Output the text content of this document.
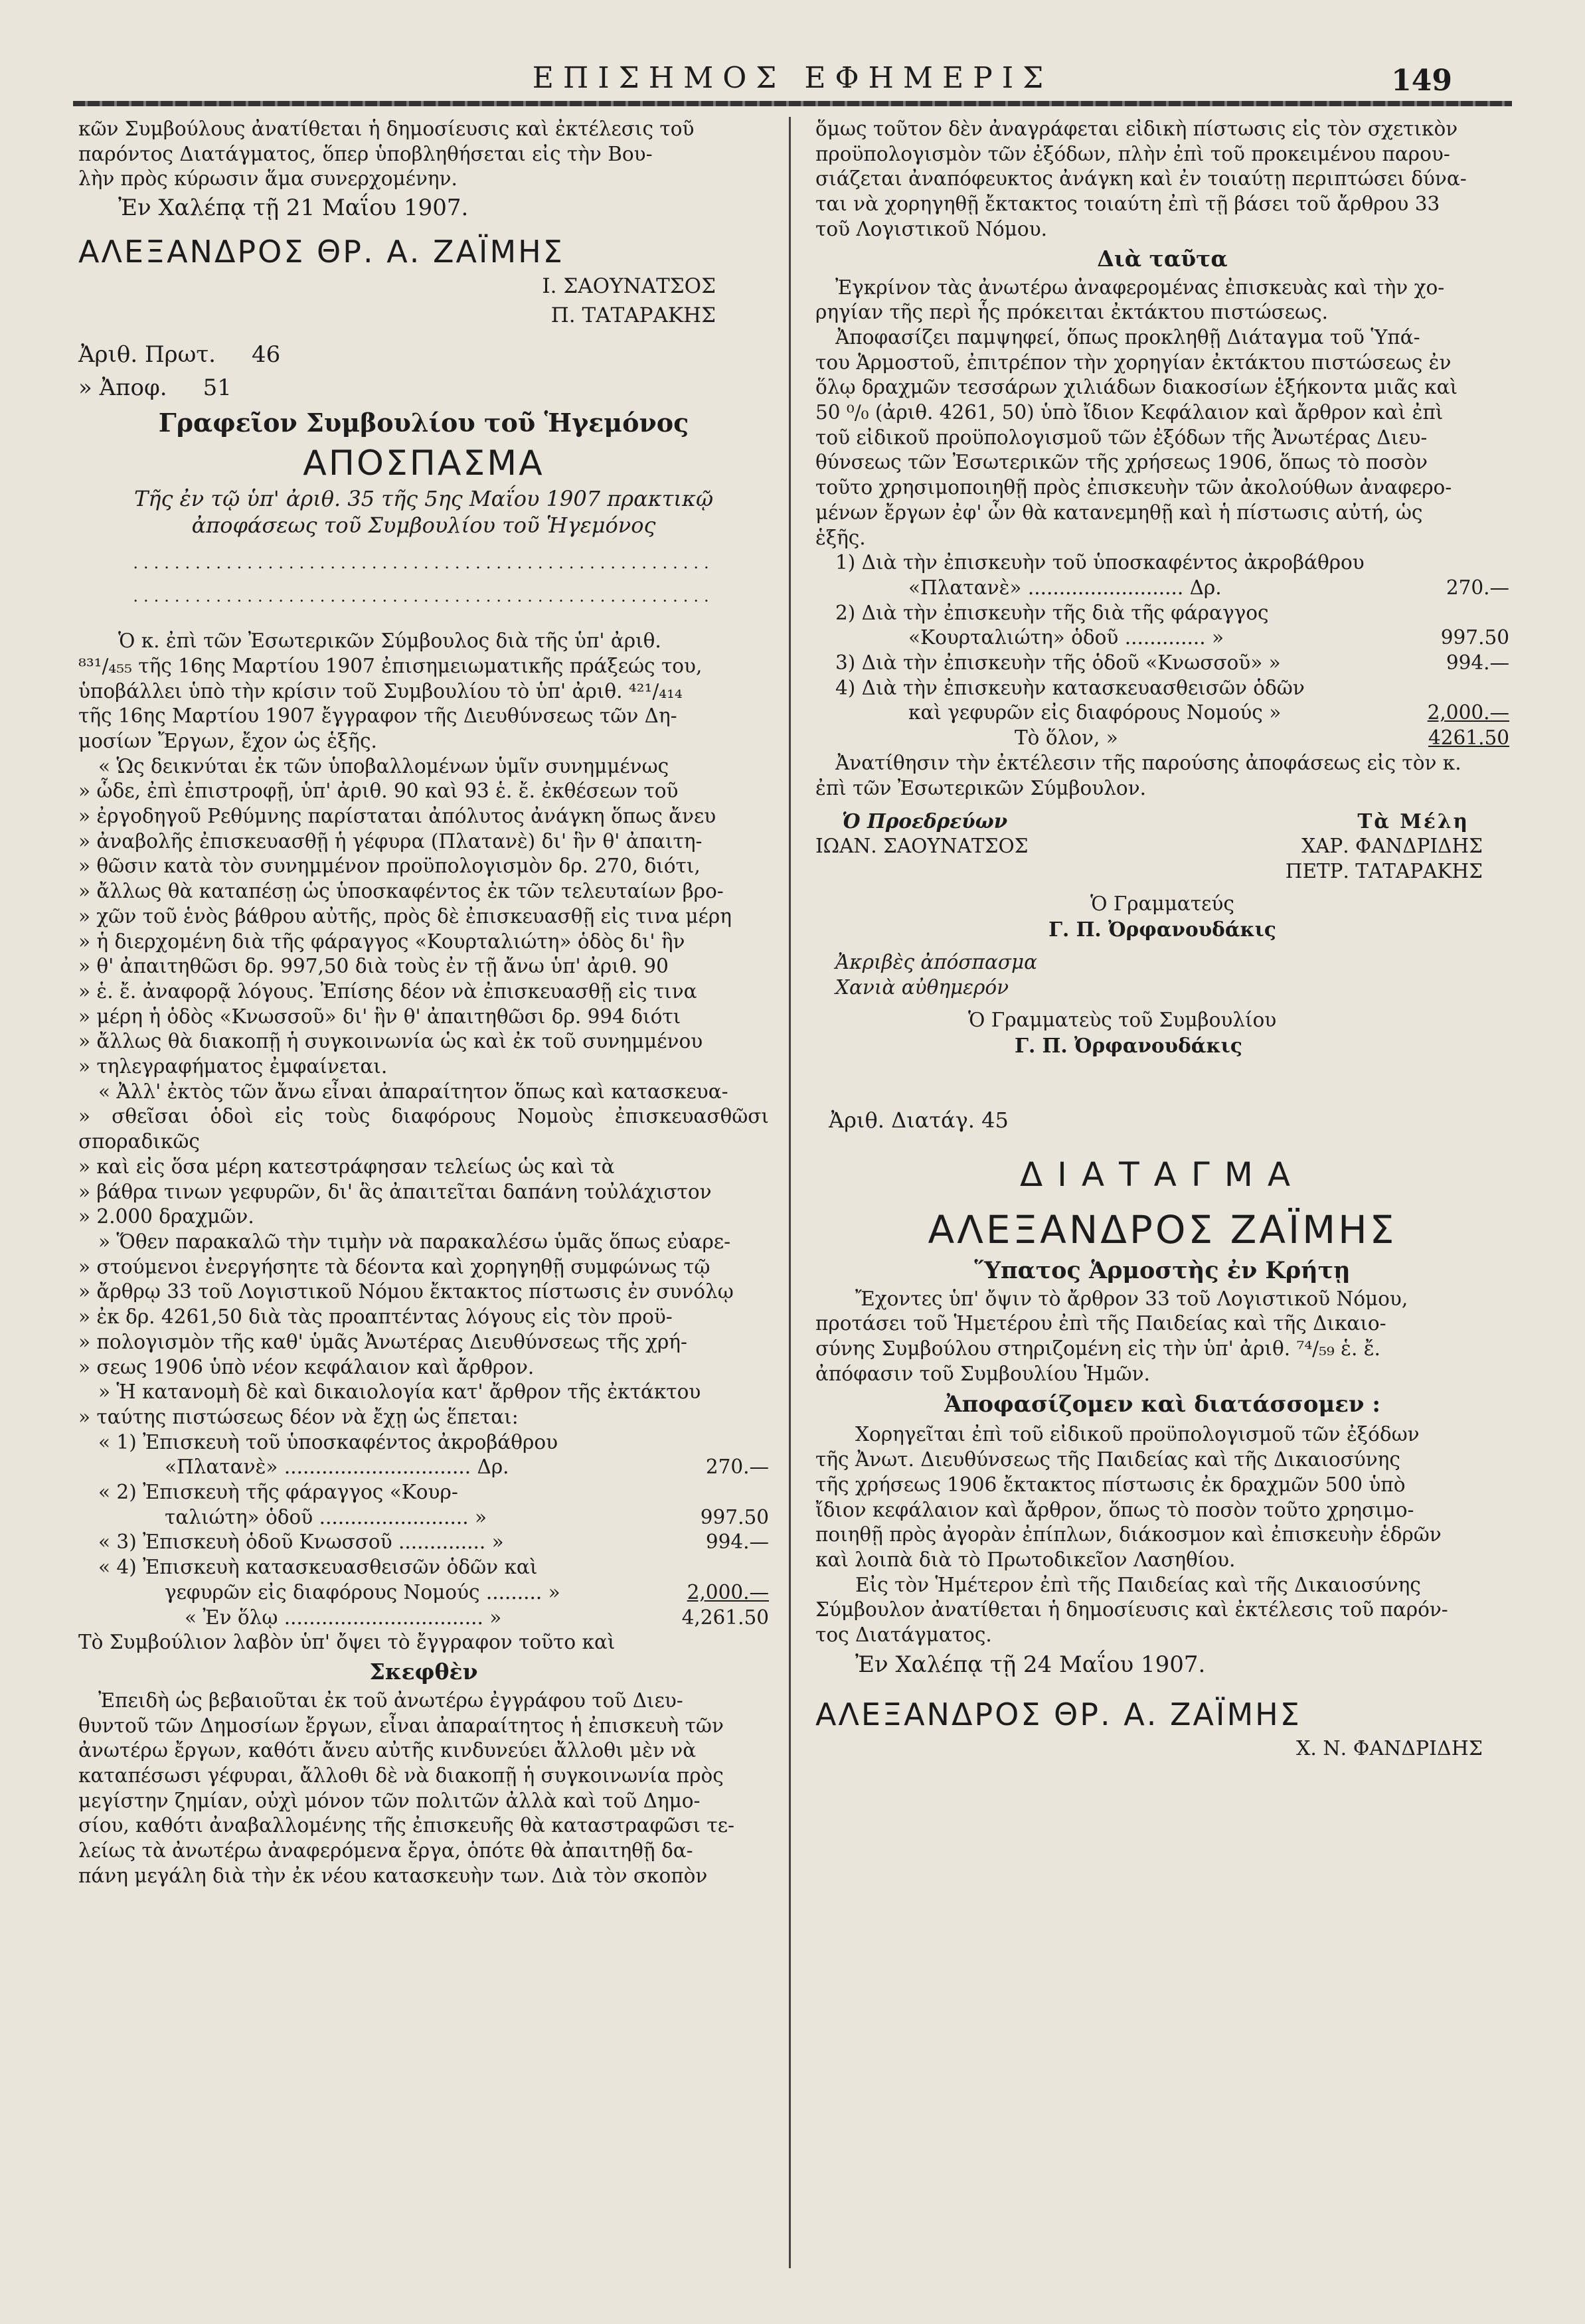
ΕΠΙΣΗΜΟΣ ΕΦΗΜΕΡΙΣ	149

κῶν Συμβούλους ἀνατίθεται ἡ δημοσίευσις καὶ ἐκτέλεσις τοῦ

παρόντος Διατάγματος, ὅπερ ὑποβληθήσεται εἰς τὴν Βου-

λὴν πρὸς κύρωσιν ἅμα συνερχομένην.

Ἐν Χαλέπᾳ τῇ 21 Μαΐου 1907.

ΑΛΕΞΑΝΔΡΟΣ ΘΡ. Α. ΖΑΪΜΗΣ

Ι. ΣΑΟΥΝΑΤΣΟΣ

Π. ΤΑΤΑΡΑΚΗΣ

Ἀριθ. Πρωτ. 46
» Ἀποφ. 51

Γραφεῖον Συμβουλίου τοῦ Ἡγεμόνος

ΑΠΟΣΠΑΣΜΑ

Τῆς ἐν τῷ ὑπ' ἀριθ. 35 τῆς 5ης Μαΐου 1907 πρακτικῷ

ἀποφάσεως τοῦ Συμβουλίου τοῦ Ἡγεμόνος

........................................................

........................................................

Ὁ κ. ἐπὶ τῶν Ἐσωτερικῶν Σύμβουλος διὰ τῆς ὑπ' ἀριθ.

⁸³¹/₄₅₅ τῆς 16ης Μαρτίου 1907 ἐπισημειωματικῆς πράξεώς του,

ὑποβάλλει ὑπὸ τὴν κρίσιν τοῦ Συμβουλίου τὸ ὑπ' ἀριθ. ⁴²¹/₄₁₄

τῆς 16ης Μαρτίου 1907 ἔγγραφον τῆς Διευθύνσεως τῶν Δη-

μοσίων Ἔργων, ἔχον ὡς ἑξῆς.

« Ὡς δεικνύται ἐκ τῶν ὑποβαλλομένων ὑμῖν συνημμένως

» ὧδε, ἐπὶ ἐπιστροφῇ, ὑπ' ἀριθ. 90 καὶ 93 ἑ. ἔ. ἐκθέσεων τοῦ

» ἐργοδηγοῦ Ρεθύμνης παρίσταται ἀπόλυτος ἀνάγκη ὅπως ἄνευ

» ἀναβολῆς ἐπισκευασθῇ ἡ γέφυρα (Πλατανὲ) δι' ἣν θ' ἀπαιτη-

» θῶσιν κατὰ τὸν συνημμένον προϋπολογισμὸν δρ. 270, διότι,

» ἄλλως θὰ καταπέσῃ ὡς ὑποσκαφέντος ἐκ τῶν τελευταίων βρο-

» χῶν τοῦ ἑνὸς βάθρου αὐτῆς, πρὸς δὲ ἐπισκευασθῇ εἰς τινα μέρη

» ἡ διερχομένη διὰ τῆς φάραγγος «Κουρταλιώτη» ὁδὸς δι' ἣν

» θ' ἀπαιτηθῶσι δρ. 997,50 διὰ τοὺς ἐν τῇ ἄνω ὑπ' ἀριθ. 90

» ἑ. ἔ. ἀναφορᾷ λόγους. Ἐπίσης δέον νὰ ἐπισκευασθῇ εἰς τινα

» μέρη ἡ ὁδὸς «Κνωσσοῦ» δι' ἣν θ' ἀπαιτηθῶσι δρ. 994 διότι

» ἄλλως θὰ διακοπῇ ἡ συγκοινωνία ὡς καὶ ἐκ τοῦ συνημμένου

» τηλεγραφήματος ἐμφαίνεται.

« Ἀλλ' ἐκτὸς τῶν ἄνω εἶναι ἀπαραίτητον ὅπως καὶ κατασκευα-

» σθεῖσαι ὁδοὶ εἰς τοὺς διαφόρους Νομοὺς ἐπισκευασθῶσι σποραδικῶς

» καὶ εἰς ὅσα μέρη κατεστράφησαν τελείως ὡς καὶ τὰ

» βάθρα τινων γεφυρῶν, δι' ἃς ἀπαιτεῖται δαπάνη τοὐλάχιστον

» 2.000 δραχμῶν.

» Ὅθεν παρακαλῶ τὴν τιμὴν νὰ παρακαλέσω ὑμᾶς ὅπως εὐαρε-

» στούμενοι ἐνεργήσητε τὰ δέοντα καὶ χορηγηθῇ συμφώνως τῷ

» ἄρθρῳ 33 τοῦ Λογιστικοῦ Νόμου ἔκτακτος πίστωσις ἐν συνόλῳ

» ἐκ δρ. 4261,50 διὰ τὰς προαπτέντας λόγους εἰς τὸν προϋ-

» πολογισμὸν τῆς καθ' ὑμᾶς Ἀνωτέρας Διευθύνσεως τῆς χρή-

» σεως 1906 ὑπὸ νέον κεφάλαιον καὶ ἄρθρον.

» Ἡ κατανομὴ δὲ καὶ δικαιολογία κατ' ἄρθρον τῆς ἐκτάκτου

» ταύτης πιστώσεως δέον νὰ ἔχῃ ὡς ἕπεται:

« 1) Ἐπισκευὴ τοῦ ὑποσκαφέντος ἀκροβάθρου
«Πλατανὲ» .............................. Δρ.	270.—
« 2) Ἐπισκευὴ τῆς φάραγγος «Κουρ-
ταλιώτη» ὁδοῦ ........................ »	997.50
« 3) Ἐπισκευὴ ὁδοῦ Κνωσσοῦ .............. »	994.—
« 4) Ἐπισκευὴ κατασκευασθεισῶν ὁδῶν καὶ
γεφυρῶν εἰς διαφόρους Νομούς ......... »	2,000.—
« Ἐν ὅλῳ ................................ »	4,261.50

Τὸ Συμβούλιον λαβὸν ὑπ' ὄψει τὸ ἔγγραφον τοῦτο καὶ

Σκεφθὲν

Ἐπειδὴ ὡς βεβαιοῦται ἐκ τοῦ ἀνωτέρω ἐγγράφου τοῦ Διευ-

θυντοῦ τῶν Δημοσίων ἔργων, εἶναι ἀπαραίτητος ἡ ἐπισκευὴ τῶν

ἀνωτέρω ἔργων, καθότι ἄνευ αὐτῆς κινδυνεύει ἄλλοθι μὲν νὰ

καταπέσωσι γέφυραι, ἄλλοθι δὲ νὰ διακοπῇ ἡ συγκοινωνία πρὸς

μεγίστην ζημίαν, οὐχὶ μόνον τῶν πολιτῶν ἀλλὰ καὶ τοῦ Δημο-

σίου, καθότι ἀναβαλλομένης τῆς ἐπισκευῆς θὰ καταστραφῶσι τε-

λείως τὰ ἀνωτέρω ἀναφερόμενα ἔργα, ὁπότε θὰ ἀπαιτηθῇ δα-

πάνη μεγάλη διὰ τὴν ἐκ νέου κατασκευὴν των. Διὰ τὸν σκοπὸν

ὅμως τοῦτον δὲν ἀναγράφεται εἰδικὴ πίστωσις εἰς τὸν σχετικὸν

προϋπολογισμὸν τῶν ἐξόδων, πλὴν ἐπὶ τοῦ προκειμένου παρου-

σιάζεται ἀναπόφευκτος ἀνάγκη καὶ ἐν τοιαύτῃ περιπτώσει δύνα-

ται νὰ χορηγηθῇ ἔκτακτος τοιαύτη ἐπὶ τῇ βάσει τοῦ ἄρθρου 33

τοῦ Λογιστικοῦ Νόμου.

Διὰ ταῦτα

Ἐγκρίνον τὰς ἀνωτέρω ἀναφερομένας ἐπισκευὰς καὶ τὴν χο-

ρηγίαν τῆς περὶ ἧς πρόκειται ἐκτάκτου πιστώσεως.

Ἀποφασίζει παμψηφεί, ὅπως προκληθῇ Διάταγμα τοῦ Ὑπά-

του Ἁρμοστοῦ, ἐπιτρέπον τὴν χορηγίαν ἐκτάκτου πιστώσεως ἐν

ὅλῳ δραχμῶν τεσσάρων χιλιάδων διακοσίων ἑξήκοντα μιᾶς καὶ

50 ⁰/₀ (ἀριθ. 4261, 50) ὑπὸ ἴδιον Κεφάλαιον καὶ ἄρθρον καὶ ἐπὶ

τοῦ εἰδικοῦ προϋπολογισμοῦ τῶν ἐξόδων τῆς Ἀνωτέρας Διευ-

θύνσεως τῶν Ἐσωτερικῶν τῆς χρήσεως 1906, ὅπως τὸ ποσὸν

τοῦτο χρησιμοποιηθῇ πρὸς ἐπισκευὴν τῶν ἀκολούθων ἀναφερο-

μένων ἔργων ἐφ' ὧν θὰ κατανεμηθῇ καὶ ἡ πίστωσις αὐτή, ὡς

ἑξῆς.

1) Διὰ τὴν ἐπισκευὴν τοῦ ὑποσκαφέντος ἀκροβάθρου
«Πλατανὲ» ......................... Δρ.	270.—
2) Διὰ τὴν ἐπισκευὴν τῆς διὰ τῆς φάραγγος
«Κουρταλιώτη» ὁδοῦ ............. »	997.50
3) Διὰ τὴν ἐπισκευὴν τῆς ὁδοῦ «Κνωσσοῦ» »	994.—
4) Διὰ τὴν ἐπισκευὴν κατασκευασθεισῶν ὁδῶν
καὶ γεφυρῶν εἰς διαφόρους Νομούς »	2,000.—
Τὸ ὅλον, »	4261.50

Ἀνατίθησιν τὴν ἐκτέλεσιν τῆς παρούσης ἀποφάσεως εἰς τὸν κ.

ἐπὶ τῶν Ἐσωτερικῶν Σύμβουλον.

Ὁ Προεδρεύων	Τὰ Μέλη
ΙΩΑΝ. ΣΑΟΥΝΑΤΣΟΣ	ΧΑΡ. ΦΑΝΔΡΙΔΗΣ

ΠΕΤΡ. ΤΑΤΑΡΑΚΗΣ

Ὁ Γραμματεύς

Γ. Π. Ὀρφανουδάκις

Ἀκριβὲς ἀπόσπασμα

Χανιὰ αὐθημερόν

Ὁ Γραμματεὺς τοῦ Συμβουλίου

Γ. Π. Ὀρφανουδάκις

Ἀριθ. Διατάγ. 45

ΔΙΑΤΑΓΜΑ

ΑΛΕΞΑΝΔΡΟΣ ΖΑΪΜΗΣ

Ὕπατος Ἁρμοστὴς ἐν Κρήτῃ

Ἔχοντες ὑπ' ὄψιν τὸ ἄρθρον 33 τοῦ Λογιστικοῦ Νόμου,

προτάσει τοῦ Ἡμετέρου ἐπὶ τῆς Παιδείας καὶ τῆς Δικαιο-

σύνης Συμβούλου στηριζομένη εἰς τὴν ὑπ' ἀριθ. ⁷⁴/₅₉ ἑ. ἔ.

ἀπόφασιν τοῦ Συμβουλίου Ἡμῶν.

Ἀποφασίζομεν καὶ διατάσσομεν :

Χορηγεῖται ἐπὶ τοῦ εἰδικοῦ προϋπολογισμοῦ τῶν ἐξόδων

τῆς Ἀνωτ. Διευθύνσεως τῆς Παιδείας καὶ τῆς Δικαιοσύνης

τῆς χρήσεως 1906 ἔκτακτος πίστωσις ἐκ δραχμῶν 500 ὑπὸ

ἴδιον κεφάλαιον καὶ ἄρθρον, ὅπως τὸ ποσὸν τοῦτο χρησιμο-

ποιηθῇ πρὸς ἀγορὰν ἐπίπλων, διάκοσμον καὶ ἐπισκευὴν ἑδρῶν

καὶ λοιπὰ διὰ τὸ Πρωτοδικεῖον Λασηθίου.

Εἰς τὸν Ἡμέτερον ἐπὶ τῆς Παιδείας καὶ τῆς Δικαιοσύνης

Σύμβουλον ἀνατίθεται ἡ δημοσίευσις καὶ ἐκτέλεσις τοῦ παρόν-

τος Διατάγματος.

Ἐν Χαλέπᾳ τῇ 24 Μαΐου 1907.

ΑΛΕΞΑΝΔΡΟΣ ΘΡ. Α. ΖΑΪΜΗΣ

Χ. Ν. ΦΑΝΔΡΙΔΗΣ
